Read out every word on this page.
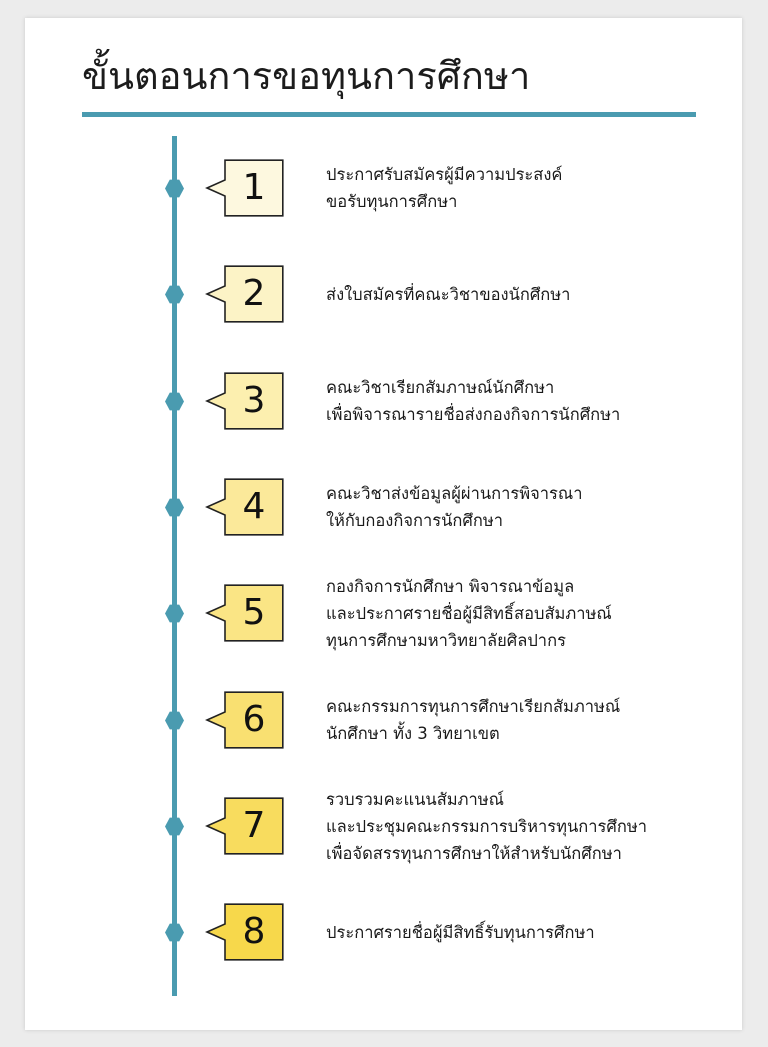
ขั้นตอนการขอทุนการศึกษา
1	ประกาศรับสมัครผู้มีความประสงค์
ขอรับทุนการศึกษา
2	ส่งใบสมัครที่คณะวิชาของนักศึกษา
3	คณะวิชาเรียกสัมภาษณ์นักศึกษา
เพื่อพิจารณารายชื่อส่งกองกิจการนักศึกษา
4	คณะวิชาส่งข้อมูลผู้ผ่านการพิจารณา
ให้กับกองกิจการนักศึกษา
5
กองกิจการนักศึกษา พิจารณาข้อมูล
และประกาศรายชื่อผู้มีสิทธิ์สอบสัมภาษณ์
ทุนการศึกษามหาวิทยาลัยศิลปากร
6	คณะกรรมการทุนการศึกษาเรียกสัมภาษณ์
นักศึกษา ทั้ง 3 วิทยาเขต
7
รวบรวมคะแนนสัมภาษณ์
และประชุมคณะกรรมการบริหารทุนการศึกษา
เพื่อจัดสรรทุนการศึกษาให้สำหรับนักศึกษา
8	ประกาศรายชื่อผู้มีสิทธิ์รับทุนการศึกษา
